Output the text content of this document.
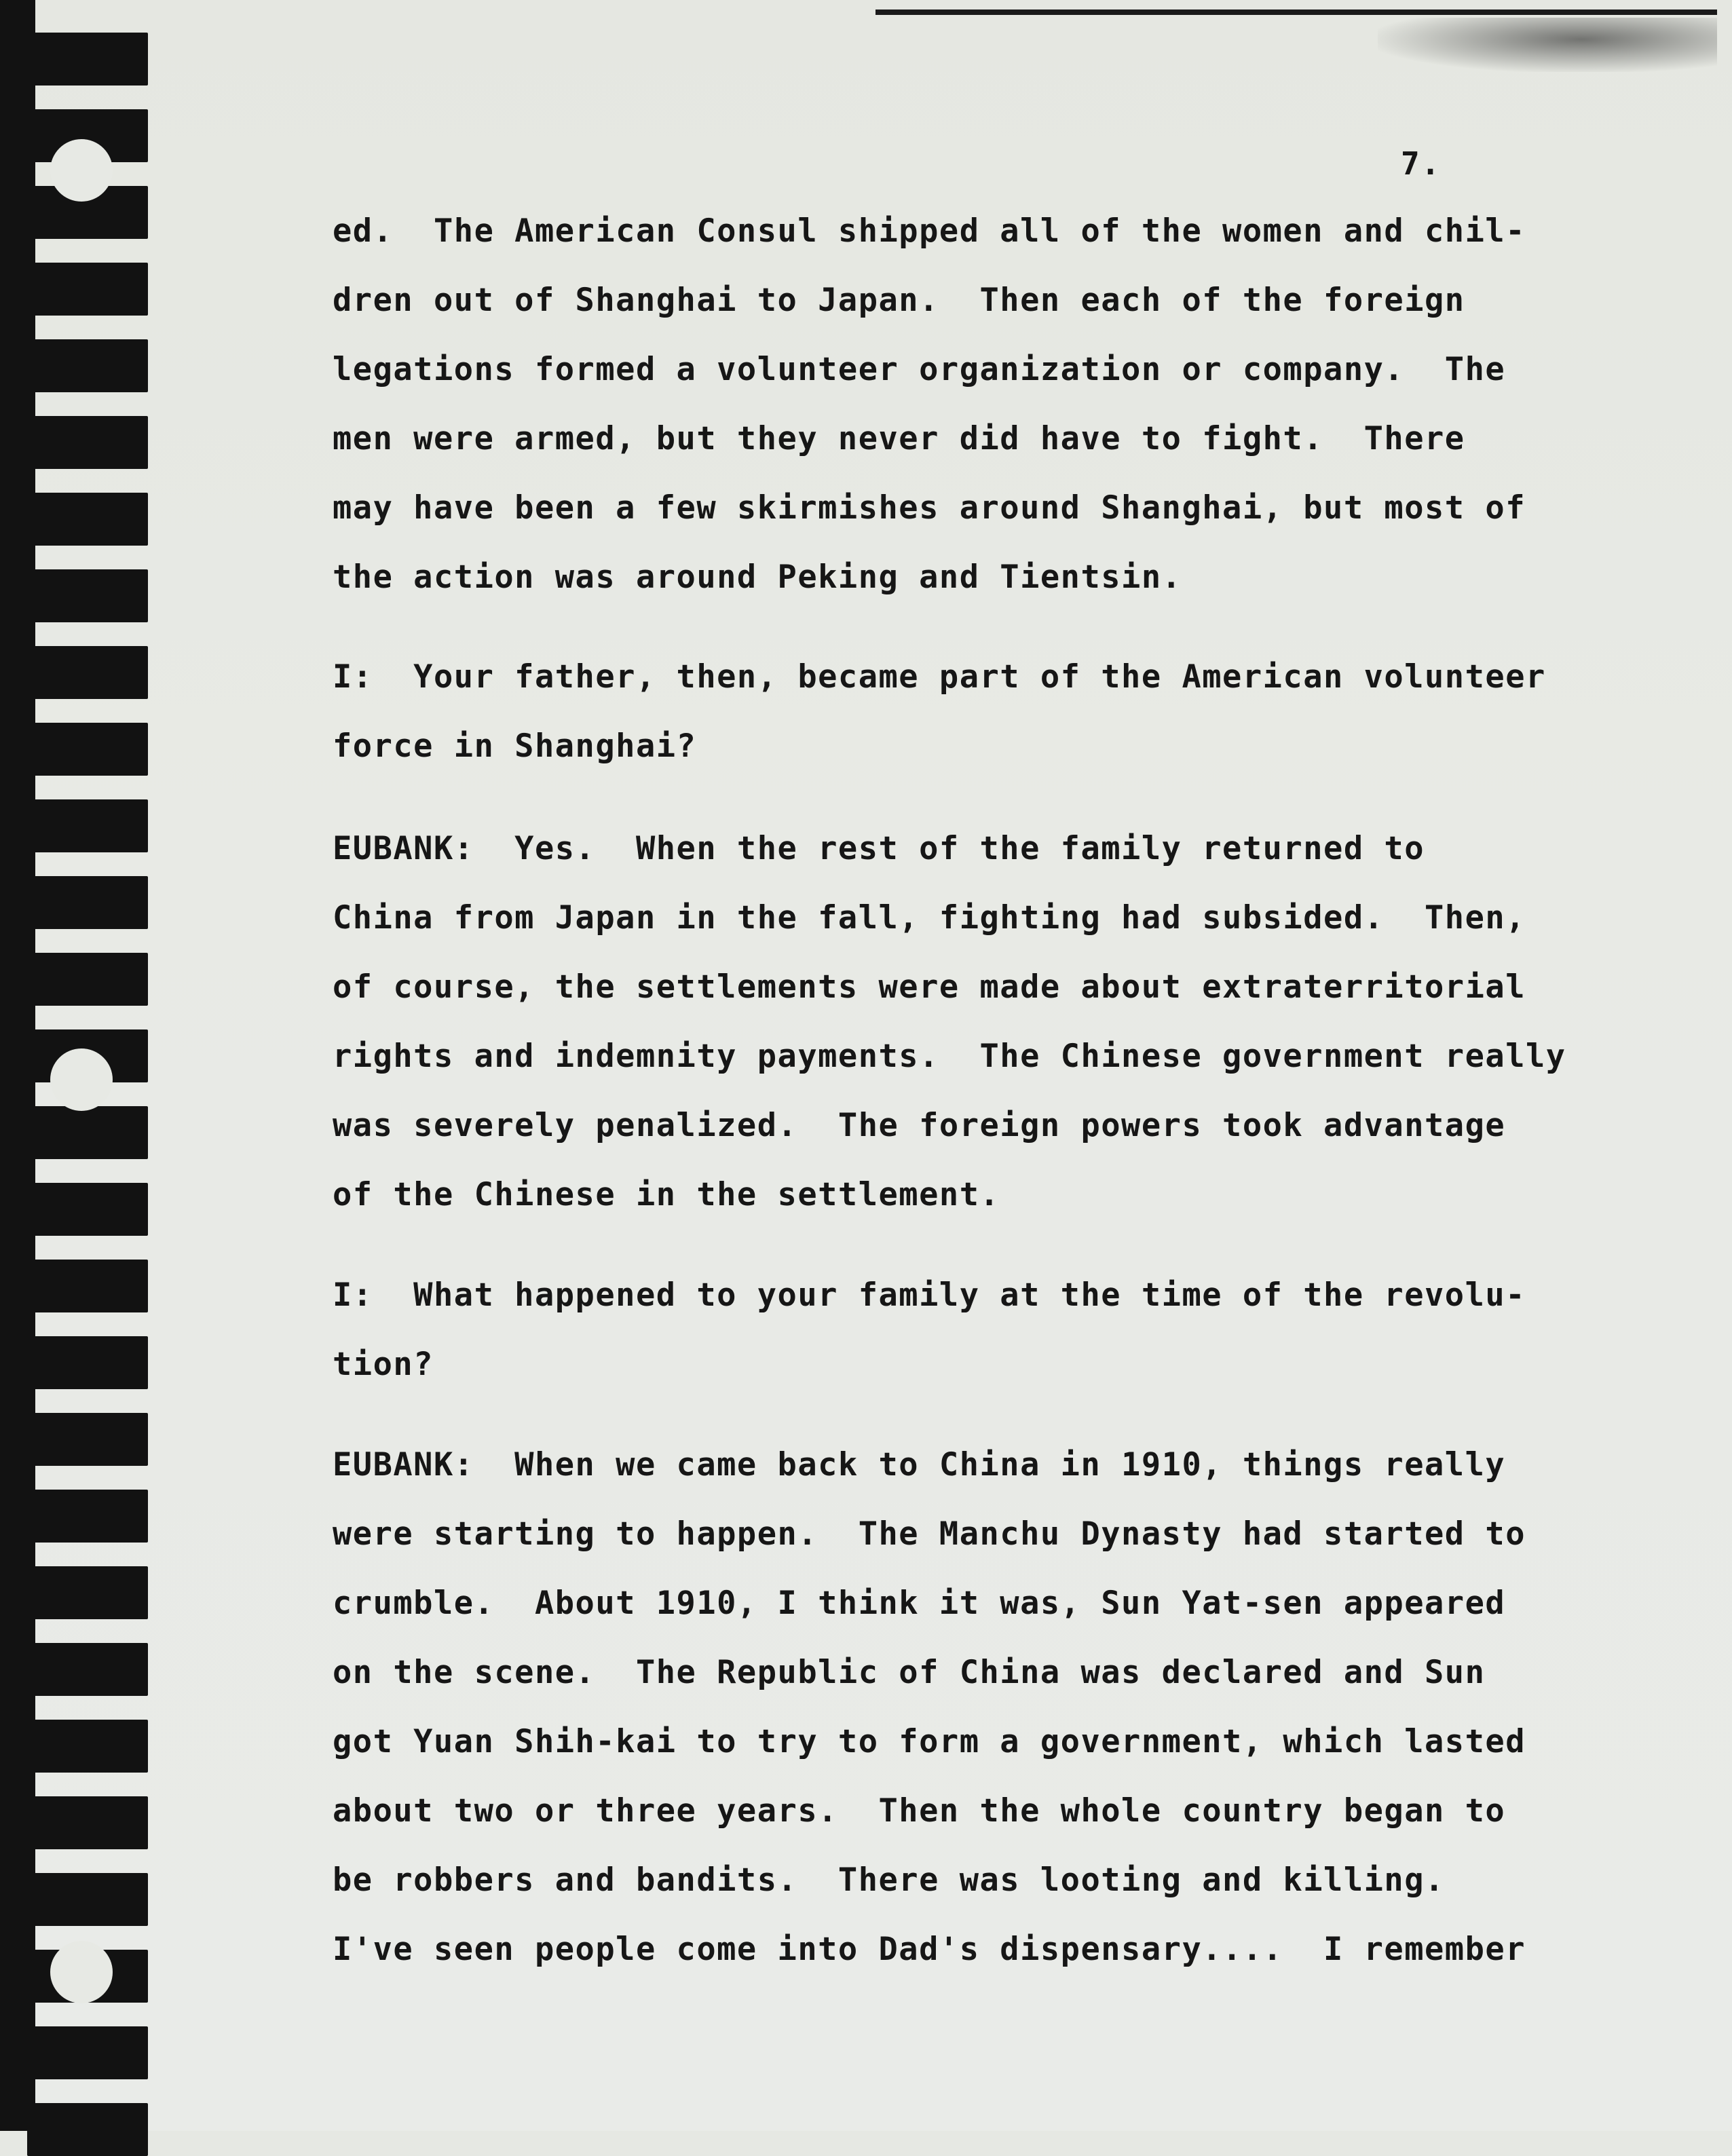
7.
ed.  The American Consul shipped all of the women and chil-
dren out of Shanghai to Japan.  Then each of the foreign
legations formed a volunteer organization or company.  The
men were armed, but they never did have to fight.  There
may have been a few skirmishes around Shanghai, but most of
the action was around Peking and Tientsin.
I:  Your father, then, became part of the American volunteer
force in Shanghai?
EUBANK:  Yes.  When the rest of the family returned to
China from Japan in the fall, fighting had subsided.  Then,
of course, the settlements were made about extraterritorial
rights and indemnity payments.  The Chinese government really
was severely penalized.  The foreign powers took advantage
of the Chinese in the settlement.
I:  What happened to your family at the time of the revolu-
tion?
EUBANK:  When we came back to China in 1910, things really
were starting to happen.  The Manchu Dynasty had started to
crumble.  About 1910, I think it was, Sun Yat-sen appeared
on the scene.  The Republic of China was declared and Sun
got Yuan Shih-kai to try to form a government, which lasted
about two or three years.  Then the whole country began to
be robbers and bandits.  There was looting and killing.
I've seen people come into Dad's dispensary....  I remember
